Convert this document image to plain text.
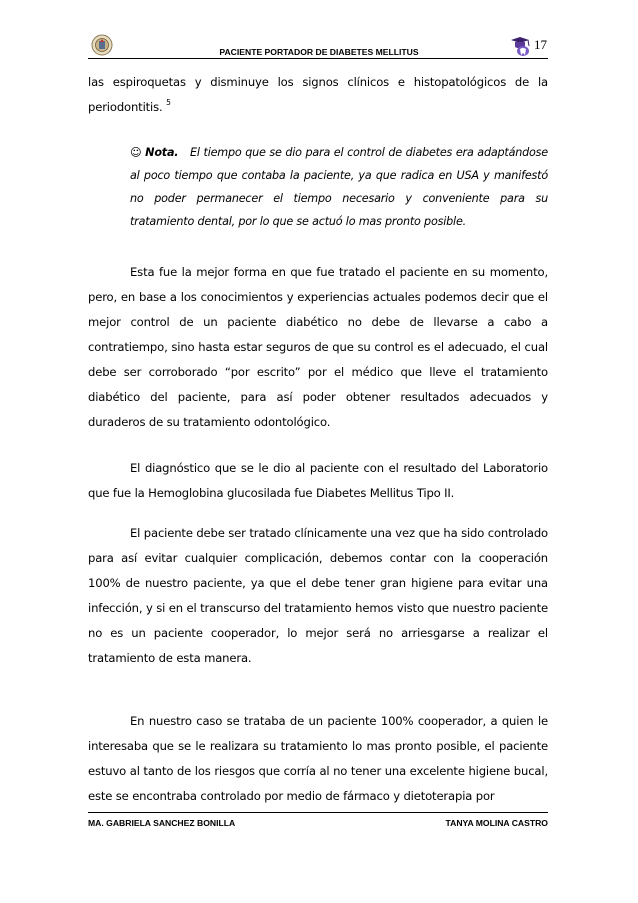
PACIENTE PORTADOR DE DIABETES MELLITUS	17

las espiroquetas y disminuye los signos clínicos e histopatológicos de la periodontitis. $^5$

☺ Nota. El tiempo que se dio para el control de diabetes era adaptándose al poco tiempo que contaba la paciente, ya que radica en USA y manifestó no poder permanecer el tiempo necesario y conveniente para su tratamiento dental, por lo que se actuó lo mas pronto posible.

Esta fue la mejor forma en que fue tratado el paciente en su momento, pero, en base a los conocimientos y experiencias actuales podemos decir que el mejor control de un paciente diabético no debe de llevarse a cabo a contratiempo, sino hasta estar seguros de que su control es el adecuado, el cual debe ser corroborado “por escrito” por el médico que lleve el tratamiento diabético del paciente, para así poder obtener resultados adecuados y duraderos de su tratamiento odontológico.

El diagnóstico que se le dio al paciente con el resultado del Laboratorio que fue la Hemoglobina glucosilada fue Diabetes Mellitus Tipo II.

El paciente debe ser tratado clínicamente una vez que ha sido controlado para así evitar cualquier complicación, debemos contar con la cooperación 100% de nuestro paciente, ya que el debe tener gran higiene para evitar una infección, y si en el transcurso del tratamiento hemos visto que nuestro paciente no es un paciente cooperador, lo mejor será no arriesgarse a realizar el tratamiento de esta manera.

En nuestro caso se trataba de un paciente 100% cooperador, a quien le interesaba que se le realizara su tratamiento lo mas pronto posible, el paciente estuvo al tanto de los riesgos que corría al no tener una excelente higiene bucal, este se encontraba controlado por medio de fármaco y dietoterapia por

MA. GABRIELA SANCHEZ BONILLA	TANYA MOLINA CASTRO
